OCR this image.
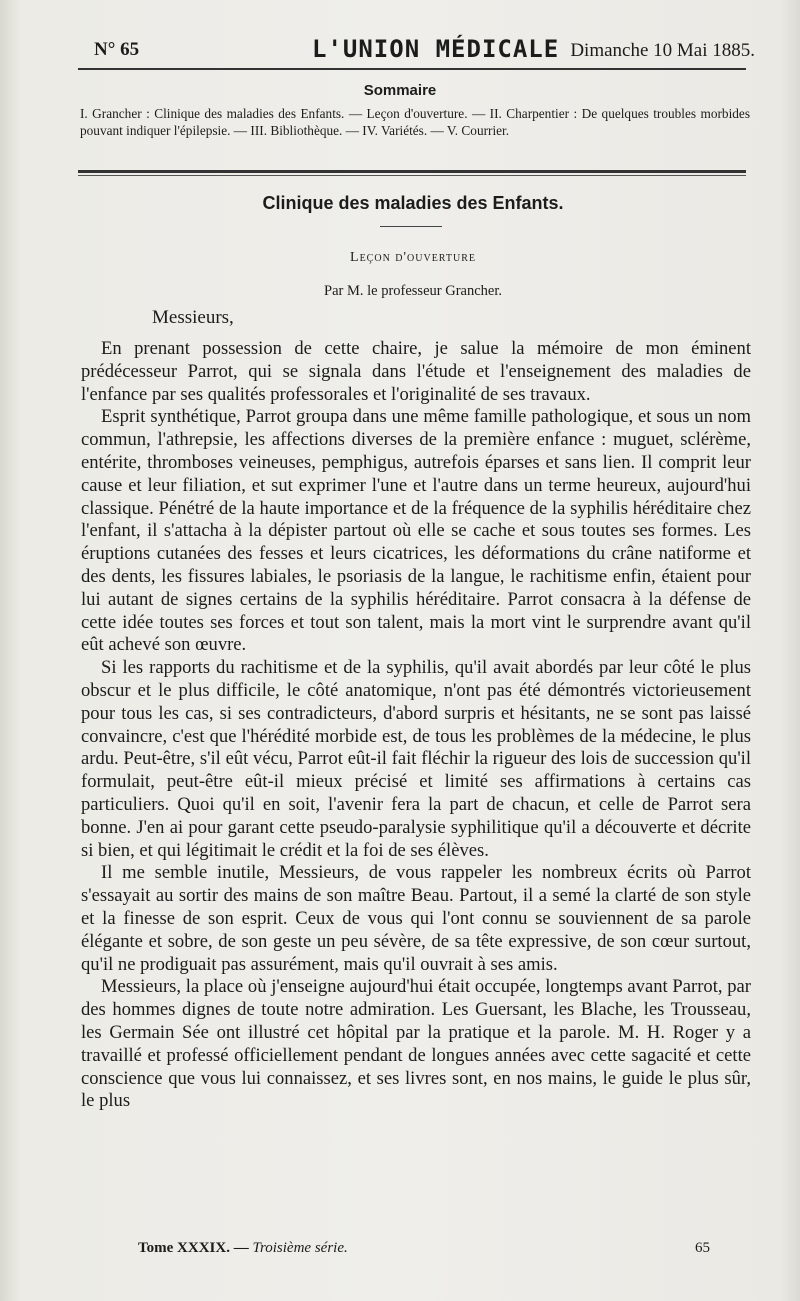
N° 65	L'UNION MÉDICALE Dimanche 10 Mai 1885.
Sommaire
I. Grancher : Clinique des maladies des Enfants. — Leçon d'ouverture. — II. Charpentier : De quelques troubles morbides pouvant indiquer l'épilepsie. — III. Bibliothèque. — IV. Variétés. — V. Courrier.
Clinique des maladies des Enfants.
Leçon d'ouverture
Par M. le professeur Grancher.
Messieurs,

En prenant possession de cette chaire, je salue la mémoire de mon éminent prédécesseur Parrot, qui se signala dans l'étude et l'enseignement des maladies de l'enfance par ses qualités professorales et l'originalité de ses travaux.

Esprit synthétique, Parrot groupa dans une même famille pathologique, et sous un nom commun, l'athrepsie, les affections diverses de la première enfance : muguet, sclérème, entérite, thromboses veineuses, pemphigus, autrefois éparses et sans lien. Il comprit leur cause et leur filiation, et sut exprimer l'une et l'autre dans un terme heureux, aujourd'hui classique. Pénétré de la haute importance et de la fréquence de la syphilis héréditaire chez l'enfant, il s'attacha à la dépister partout où elle se cache et sous toutes ses formes. Les éruptions cutanées des fesses et leurs cicatrices, les déformations du crâne natiforme et des dents, les fissures labiales, le psoriasis de la langue, le rachitisme enfin, étaient pour lui autant de signes certains de la syphilis héréditaire. Parrot consacra à la défense de cette idée toutes ses forces et tout son talent, mais la mort vint le surprendre avant qu'il eût achevé son œuvre.

Si les rapports du rachitisme et de la syphilis, qu'il avait abordés par leur côté le plus obscur et le plus difficile, le côté anatomique, n'ont pas été démontrés victorieusement pour tous les cas, si ses contradicteurs, d'abord surpris et hésitants, ne se sont pas laissé convaincre, c'est que l'hérédité morbide est, de tous les problèmes de la médecine, le plus ardu. Peut-être, s'il eût vécu, Parrot eût-il fait fléchir la rigueur des lois de succession qu'il formulait, peut-être eût-il mieux précisé et limité ses affirmations à certains cas particuliers. Quoi qu'il en soit, l'avenir fera la part de chacun, et celle de Parrot sera bonne. J'en ai pour garant cette pseudo-paralysie syphilitique qu'il a découverte et décrite si bien, et qui légitimait le crédit et la foi de ses élèves.

Il me semble inutile, Messieurs, de vous rappeler les nombreux écrits où Parrot s'essayait au sortir des mains de son maître Beau. Partout, il a semé la clarté de son style et la finesse de son esprit. Ceux de vous qui l'ont connu se souviennent de sa parole élégante et sobre, de son geste un peu sévère, de sa tête expressive, de son cœur surtout, qu'il ne prodiguait pas assurément, mais qu'il ouvrait à ses amis.

Messieurs, la place où j'enseigne aujourd'hui était occupée, longtemps avant Parrot, par des hommes dignes de toute notre admiration. Les Guersant, les Blache, les Trousseau, les Germain Sée ont illustré cet hôpital par la pratique et la parole. M. H. Roger y a travaillé et professé officiellement pendant de longues années avec cette sagacité et cette conscience que vous lui connaissez, et ses livres sont, en nos mains, le guide le plus sûr, le plus

Tome XXXIX. — Troisième série.	65
